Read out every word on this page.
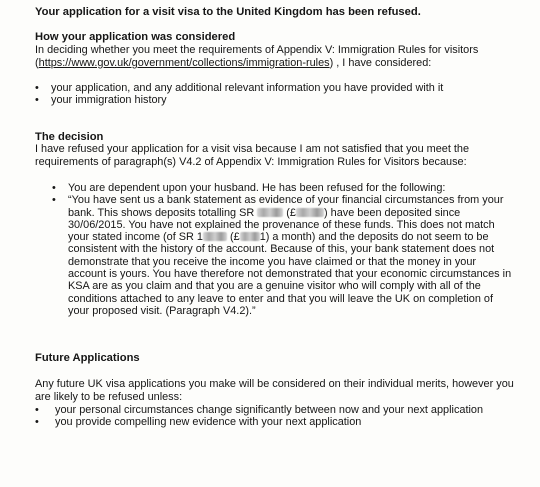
Your application for a visit visa to the United Kingdom has been refused.
How your application was considered
In deciding whether you meet the requirements of Appendix V: Immigration Rules for visitors
(https://www.gov.uk/government/collections/immigration-rules) , I have considered:
• your application, and any additional relevant information you have provided with it
• your immigration history
The decision
I have refused your application for a visit visa because I am not satisfied that you meet the
requirements of paragraph(s) V4.2 of Appendix V: Immigration Rules for Visitors because:
• You are dependent upon your husband. He has been refused for the following:
• “You have sent us a bank statement as evidence of your financial circumstances from your
bank. This shows deposits totalling SR  (£	) have been deposited since
30/06/2015. You have not explained the provenance of these funds. This does not match
your stated income (of SR 1 (£ 1) a month) and the deposits do not seem to be
consistent with the history of the account. Because of this, your bank statement does not
demonstrate that you receive the income you have claimed or that the money in your
account is yours. You have therefore not demonstrated that your economic circumstances in
KSA are as you claim and that you are a genuine visitor who will comply with all of the
conditions attached to any leave to enter and that you will leave the UK on completion of
your proposed visit. (Paragraph V4.2).”
Future Applications
Any future UK visa applications you make will be considered on their individual merits, however you
are likely to be refused unless:
• your personal circumstances change significantly between now and your next application
• you provide compelling new evidence with your next application
